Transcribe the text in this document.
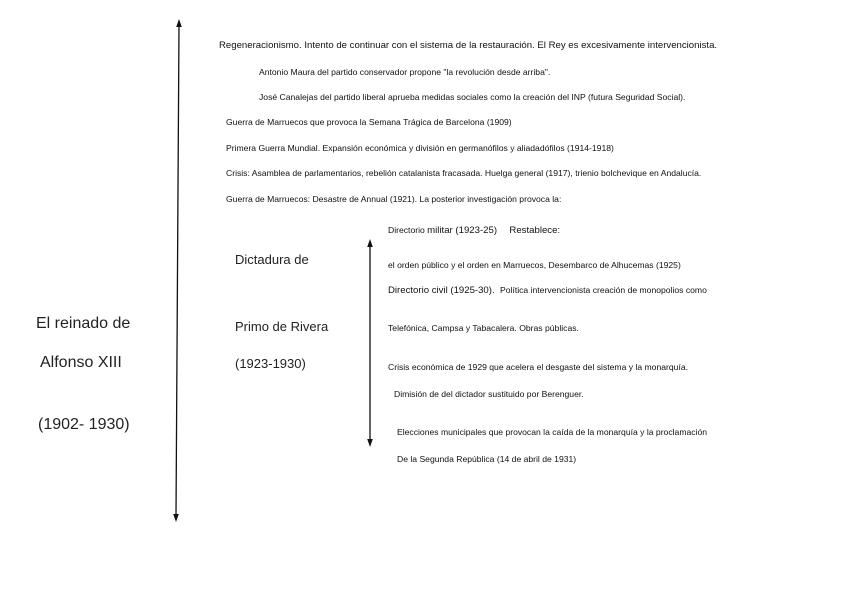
El reinado de
Alfonso XIII
(1902- 1930)
Regeneracionismo. Intento de continuar con el sistema de la restauración. El Rey es excesivamente intervencionista.
Antonio Maura del partido conservador propone "la revolución desde arriba".
José Canalejas del partido liberal aprueba medidas sociales como la creación del INP (futura Seguridad Social).
Guerra de Marruecos que provoca la Semana Trágica de Barcelona (1909)
Primera Guerra Mundial. Expansión económica y división en germanófilos y aliadadófilos (1914-1918)
Crisis: Asamblea de parlamentarios, rebelión catalanista fracasada. Huelga general (1917), trienio bolchevique en Andalucía.
Guerra de Marruecos: Desastre de Annual (1921). La posterior investigación provoca la:
Dictadura de
Primo de Rivera
(1923-1930)
Directorio militar (1923-25) Restablece:
el orden público y el orden en Marruecos, Desembarco de Alhucemas (1925)
Directorio civil (1925-30). Política intervencionista creación de monopolios como
Telefónica, Campsa y Tabacalera. Obras públicas.
Crisis económica de 1929 que acelera el desgaste del sistema y la monarquía.
Dimisión de del dictador sustituido por Berenguer.
Elecciones municipales que provocan la caída de la monarquía y la proclamación
De la Segunda República (14 de abril de 1931)
